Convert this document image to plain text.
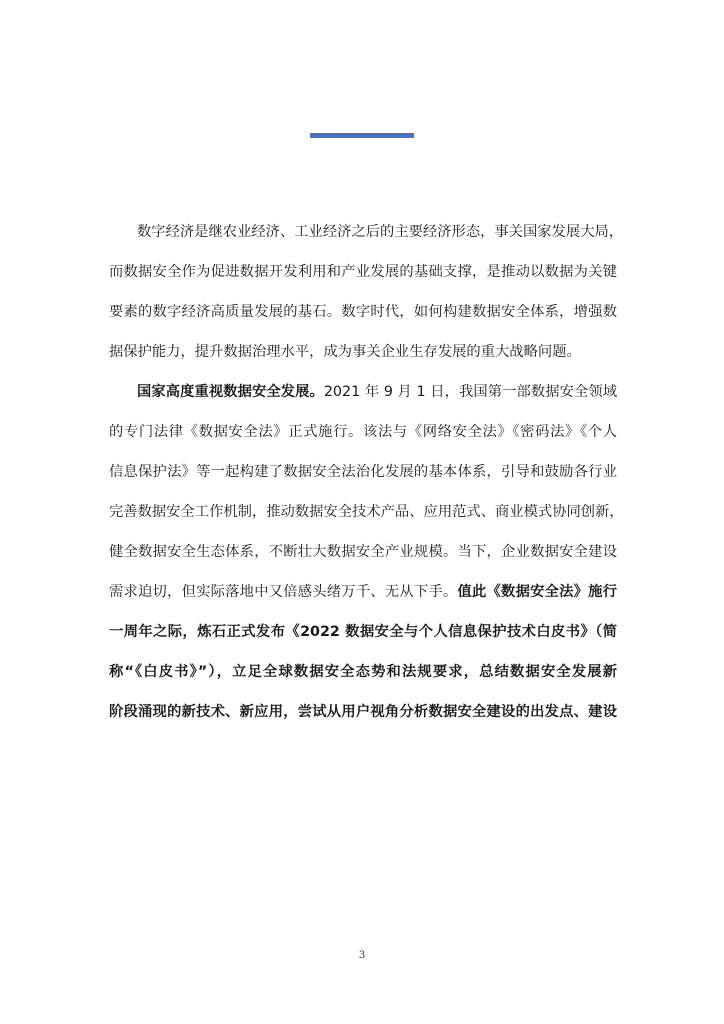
数字经济是继农业经济、工业经济之后的主要经济形态，事关国家发展大局，
而数据安全作为促进数据开发利用和产业发展的基础支撑，是推动以数据为关键
要素的数字经济高质量发展的基石。数字时代，如何构建数据安全体系，增强数
据保护能力，提升数据治理水平，成为事关企业生存发展的重大战略问题。
国家高度重视数据安全发展。2021 年 9 月 1 日，我国第一部数据安全领域
的专门法律《数据安全法》正式施行。该法与《网络安全法》《密码法》《个人
信息保护法》等一起构建了数据安全法治化发展的基本体系，引导和鼓励各行业
完善数据安全工作机制，推动数据安全技术产品、应用范式、商业模式协同创新，
健全数据安全生态体系，不断壮大数据安全产业规模。当下，企业数据安全建设
需求迫切，但实际落地中又倍感头绪万千、无从下手。值此《数据安全法》施行
一周年之际，炼石正式发布《2022 数据安全与个人信息保护技术白皮书》（简
称“《白皮书》”），立足全球数据安全态势和法规要求，总结数据安全发展新
阶段涌现的新技术、新应用，尝试从用户视角分析数据安全建设的出发点、建设
3
